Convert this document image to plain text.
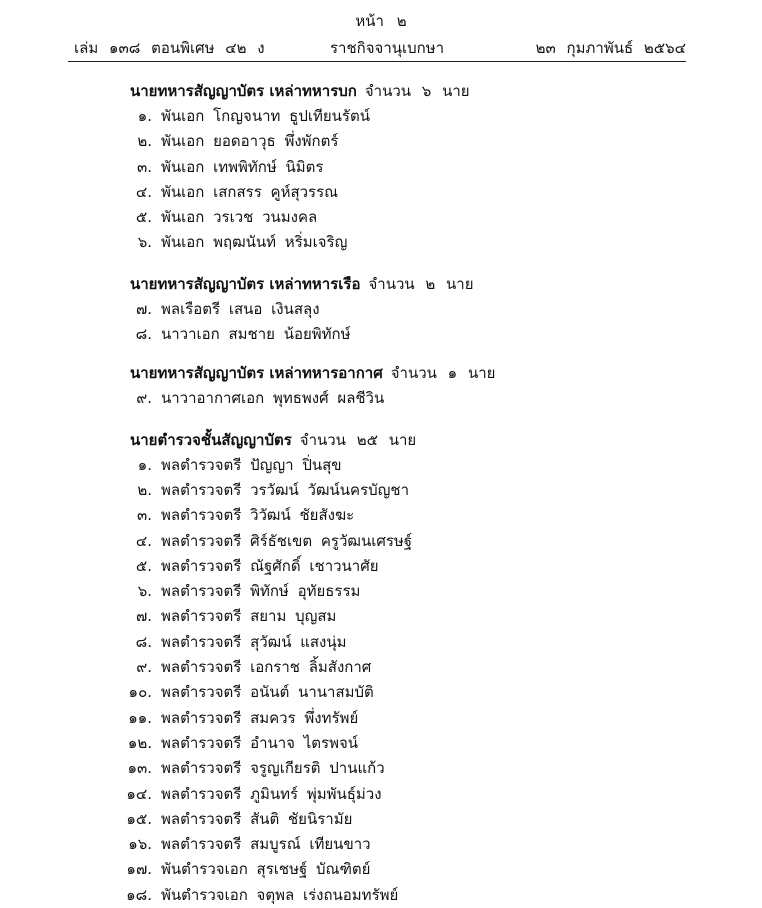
หน้า ๒
เล่ม ๑๓๘ ตอนพิเศษ ๔๒ ง	ราชกิจจานุเบกษา	๒๓ กุมภาพันธ์ ๒๕๖๔
นายทหารสัญญาบัตร เหล่าทหารบก จำนวน ๖ นาย
๑. พันเอก โกญจนาท ธูปเทียนรัตน์
๒. พันเอก ยอดอาวุธ พึ่งพักตร์
๓. พันเอก เทพพิทักษ์ นิมิตร
๔. พันเอก เสกสรร คูห์สุวรรณ
๕. พันเอก วรเวช วนมงคล
๖. พันเอก พฤฒนันท์ หริ่มเจริญ
นายทหารสัญญาบัตร เหล่าทหารเรือ จำนวน ๒ นาย
๗. พลเรือตรี เสนอ เงินสลุง
๘. นาวาเอก สมชาย น้อยพิทักษ์
นายทหารสัญญาบัตร เหล่าทหารอากาศ จำนวน ๑ นาย
๙. นาวาอากาศเอก พุทธพงศ์ ผลชีวิน
นายตำรวจชั้นสัญญาบัตร จำนวน ๒๕ นาย
๑. พลตำรวจตรี ปัญญา ปิ่นสุข
๒. พลตำรวจตรี วรวัฒน์ วัฒน์นครบัญชา
๓. พลตำรวจตรี วิวัฒน์ ชัยสังฆะ
๔. พลตำรวจตรี ศิร์ธัชเขต ครูวัฒนเศรษฐ์
๕. พลตำรวจตรี ณัฐศักดิ์ เชาวนาศัย
๖. พลตำรวจตรี พิทักษ์ อุทัยธรรม
๗. พลตำรวจตรี สยาม บุญสม
๘. พลตำรวจตรี สุวัฒน์ แสงนุ่ม
๙. พลตำรวจตรี เอกราช ลิ้มสังกาศ
๑๐. พลตำรวจตรี อนันต์ นานาสมบัติ
๑๑. พลตำรวจตรี สมควร พึ่งทรัพย์
๑๒. พลตำรวจตรี อำนาจ ไตรพจน์
๑๓. พลตำรวจตรี จรูญเกียรติ ปานแก้ว
๑๔. พลตำรวจตรี ภูมินทร์ พุ่มพันธุ์ม่วง
๑๕. พลตำรวจตรี สันติ ชัยนิรามัย
๑๖. พลตำรวจตรี สมบูรณ์ เทียนขาว
๑๗. พันตำรวจเอก สุรเชษฐ์ บัณฑิตย์
๑๘. พันตำรวจเอก จตุพล เร่งถนอมทรัพย์
